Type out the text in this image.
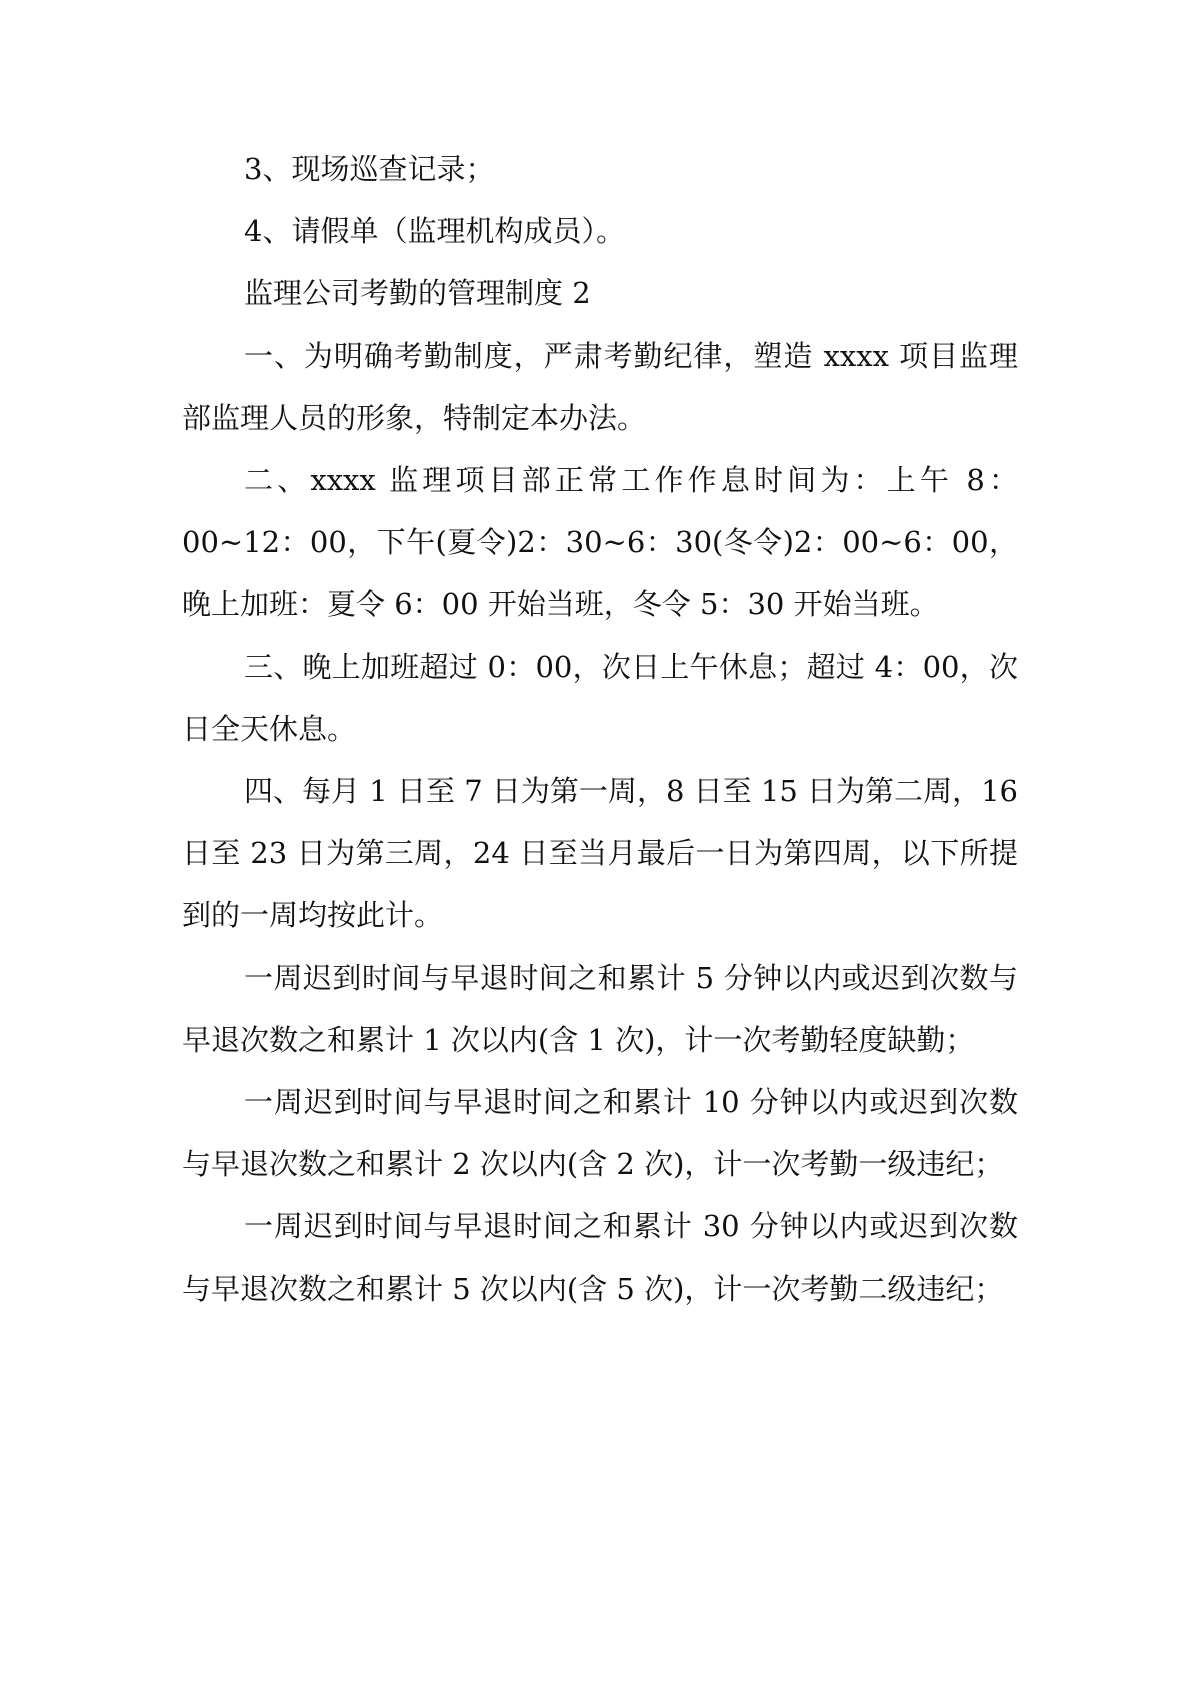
3、现场巡查记录；

4、请假单（监理机构成员）。

监理公司考勤的管理制度 2

一、为明确考勤制度，严肃考勤纪律，塑造 xxxx 项目监理部监理人员的形象，特制定本办法。

二、xxxx 监理项目部正常工作作息时间为：上午 8：00~12：00，下午(夏令)2：30~6：30(冬令)2：00~6：00，晚上加班：夏令 6：00 开始当班，冬令 5：30 开始当班。

三、晚上加班超过 0：00，次日上午休息；超过 4：00，次日全天休息。

四、每月 1 日至 7 日为第一周，8 日至 15 日为第二周，16 日至 23 日为第三周，24 日至当月最后一日为第四周，以下所提到的一周均按此计。

一周迟到时间与早退时间之和累计 5 分钟以内或迟到次数与早退次数之和累计 1 次以内(含 1 次)，计一次考勤轻度缺勤；

一周迟到时间与早退时间之和累计 10 分钟以内或迟到次数与早退次数之和累计 2 次以内(含 2 次)，计一次考勤一级违纪；

一周迟到时间与早退时间之和累计 30 分钟以内或迟到次数与早退次数之和累计 5 次以内(含 5 次)，计一次考勤二级违纪；
